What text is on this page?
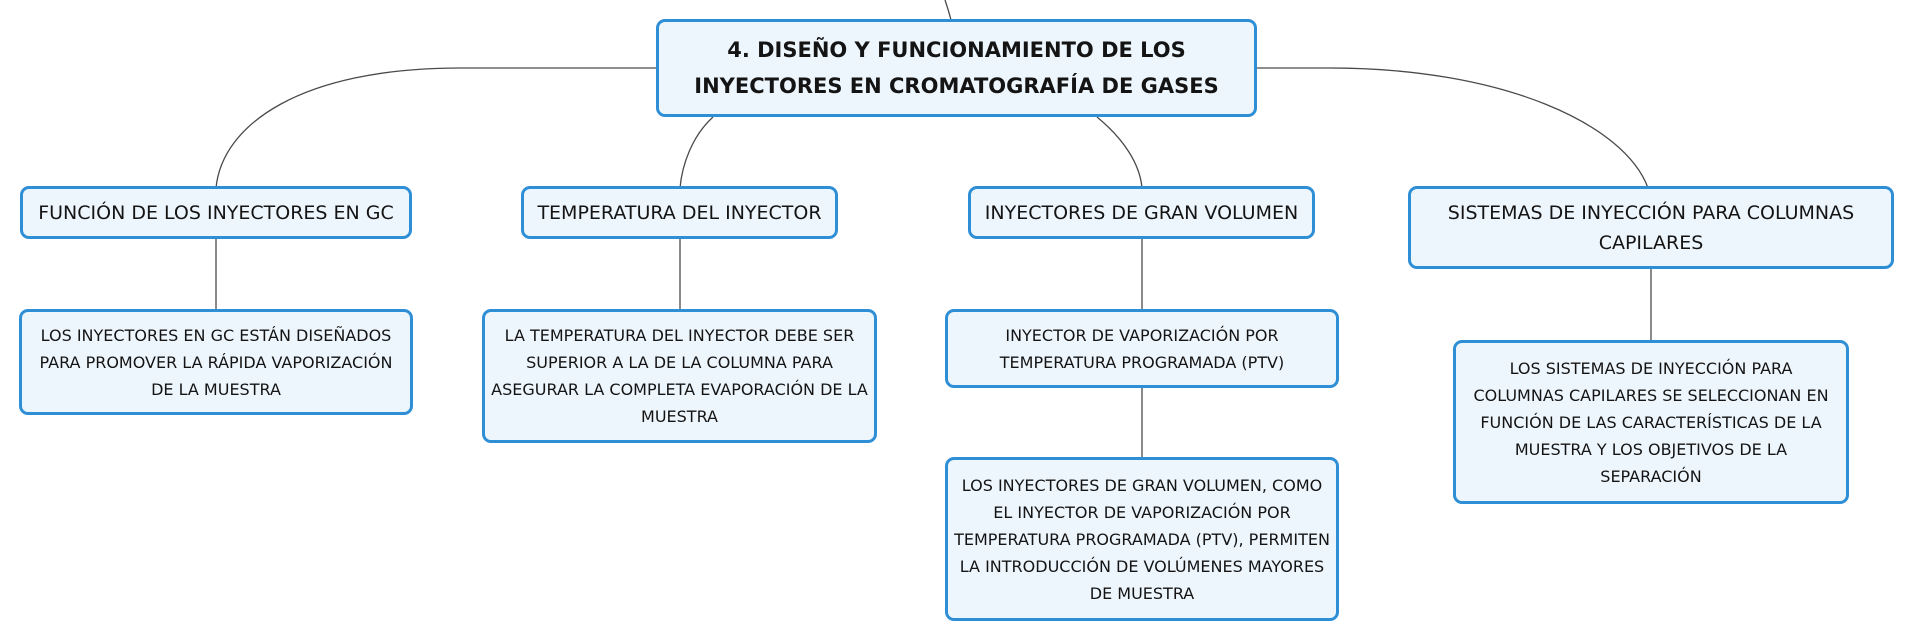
4. DISEÑO Y FUNCIONAMIENTO DE LOS INYECTORES EN CROMATOGRAFÍA DE GASES
FUNCIÓN DE LOS INYECTORES EN GC	TEMPERATURA DEL INYECTOR	INYECTORES DE GRAN VOLUMEN	SISTEMAS DE INYECCIÓN PARA COLUMNAS CAPILARES
LOS INYECTORES EN GC ESTÁN DISEÑADOS PARA PROMOVER LA RÁPIDA VAPORIZACIÓN DE LA MUESTRA
LA TEMPERATURA DEL INYECTOR DEBE SER SUPERIOR A LA DE LA COLUMNA PARA ASEGURAR LA COMPLETA EVAPORACIÓN DE LA MUESTRA
INYECTOR DE VAPORIZACIÓN POR TEMPERATURA PROGRAMADA (PTV)
LOS INYECTORES DE GRAN VOLUMEN, COMO EL INYECTOR DE VAPORIZACIÓN POR TEMPERATURA PROGRAMADA (PTV), PERMITEN LA INTRODUCCIÓN DE VOLÚMENES MAYORES DE MUESTRA
LOS SISTEMAS DE INYECCIÓN PARA COLUMNAS CAPILARES SE SELECCIONAN EN FUNCIÓN DE LAS CARACTERÍSTICAS DE LA MUESTRA Y LOS OBJETIVOS DE LA SEPARACIÓN
